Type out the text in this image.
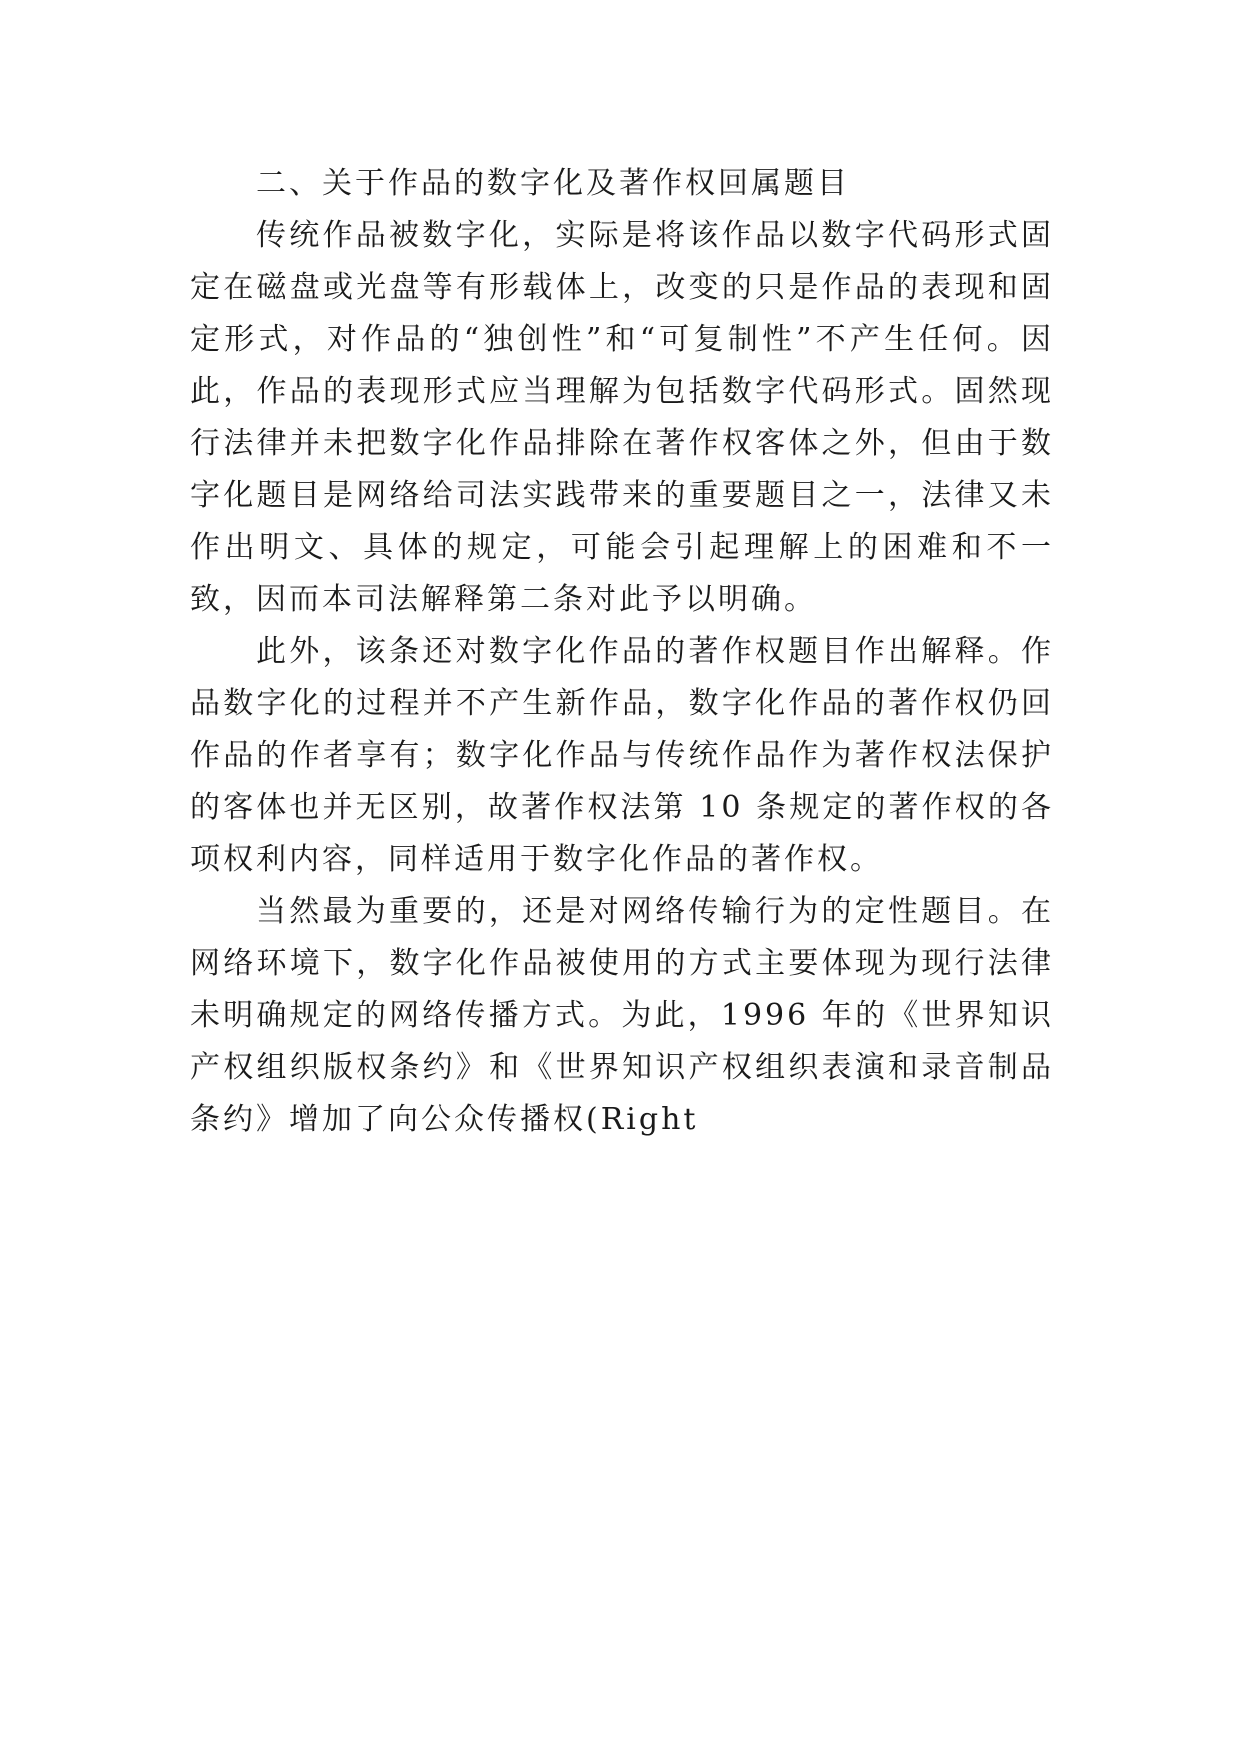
二、关于作品的数字化及著作权回属题目

传统作品被数字化，实际是将该作品以数字代码形式固定在磁盘或光盘等有形载体上，改变的只是作品的表现和固定形式，对作品的“独创性”和“可复制性”不产生任何。因此，作品的表现形式应当理解为包括数字代码形式。固然现行法律并未把数字化作品排除在著作权客体之外，但由于数字化题目是网络给司法实践带来的重要题目之一，法律又未作出明文、具体的规定，可能会引起理解上的困难和不一致，因而本司法解释第二条对此予以明确。

此外，该条还对数字化作品的著作权题目作出解释。作品数字化的过程并不产生新作品，数字化作品的著作权仍回作品的作者享有；数字化作品与传统作品作为著作权法保护的客体也并无区别，故著作权法第 10 条规定的著作权的各项权利内容，同样适用于数字化作品的著作权。

当然最为重要的，还是对网络传输行为的定性题目。在网络环境下，数字化作品被使用的方式主要体现为现行法律未明确规定的网络传播方式。为此，1996 年的《世界知识产权组织版权条约》和《世界知识产权组织表演和录音制品条约》增加了向公众传播权(Right
